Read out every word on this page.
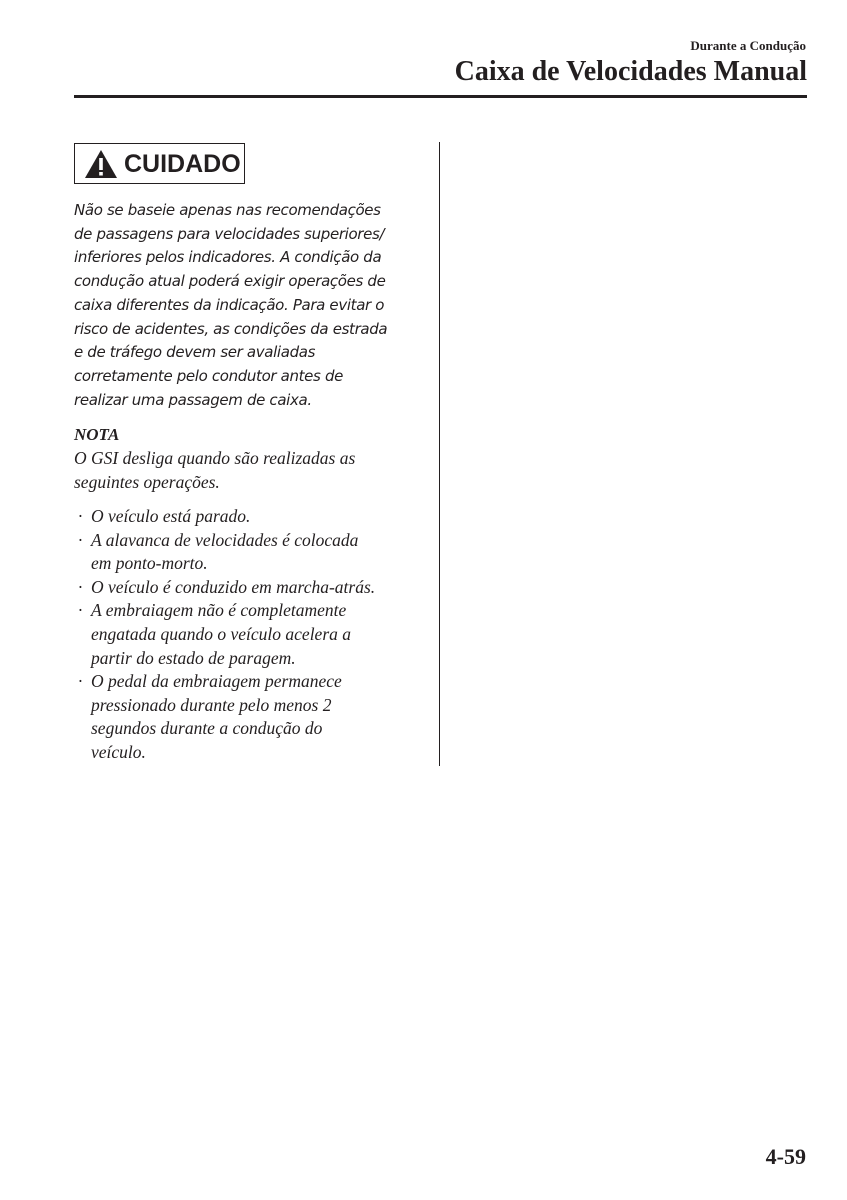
Durante a Condução
Caixa de Velocidades Manual
CUIDADO

Não se baseie apenas nas recomendações
de passagens para velocidades superiores/
inferiores pelos indicadores. A condição da
condução atual poderá exigir operações de
caixa diferentes da indicação. Para evitar o
risco de acidentes, as condições da estrada
e de tráfego devem ser avaliadas
corretamente pelo condutor antes de
realizar uma passagem de caixa.

NOTA

O GSI desliga quando são realizadas as
seguintes operações.

· O veículo está parado.
· A alavanca de velocidades é colocada
em ponto-morto.
· O veículo é conduzido em marcha-atrás.
· A embraiagem não é completamente
engatada quando o veículo acelera a
partir do estado de paragem.
· O pedal da embraiagem permanece
pressionado durante pelo menos 2
segundos durante a condução do
veículo.
4-59
